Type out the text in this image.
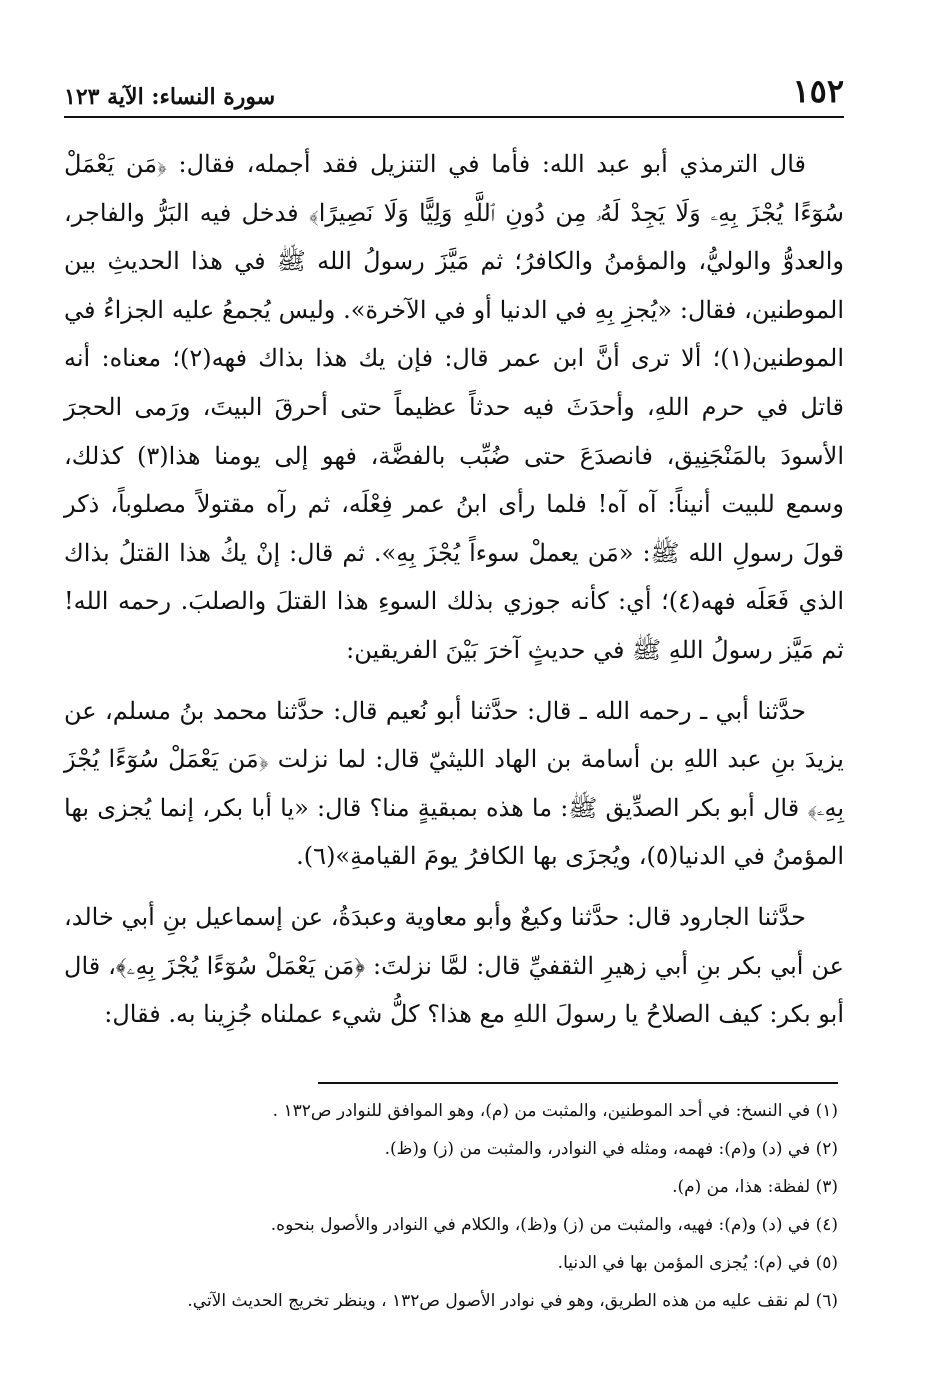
سورة النساء: الآية ١٢٣	١٥٢

قال الترمذي أبو عبد الله: فأما في التنزيل فقد أجمله، فقال: ﴿مَن يَعْمَلْ سُوٓءًا يُجْزَ بِهِۦ وَلَا يَجِدْ لَهُۥ مِن دُونِ ٱللَّهِ وَلِيًّا وَلَا نَصِيرًا﴾ فدخل فيه البَرُّ والفاجر، والعدوُّ والوليُّ، والمؤمنُ والكافرُ؛ ثم مَيَّزَ رسولُ الله ﷺ في هذا الحديثِ بين الموطنين، فقال: «يُجزِ بِهِ في الدنيا أو في الآخرة». وليس يُجمعُ عليه الجزاءُ في الموطنين(١)؛ ألا ترى أنَّ ابن عمر قال: فإن يك هذا بذاك فهه(٢)؛ معناه: أنه قاتل في حرم اللهِ، وأحدَثَ فيه حدثاً عظيماً حتى أحرقَ البيتَ، ورَمى الحجرَ الأسودَ بالمَنْجَنِيق، فانصدَعَ حتى ضُبِّب بالفضَّة، فهو إلى يومنا هذا(٣) كذلك، وسمع للبيت أنيناً: آه آه! فلما رأى ابنُ عمر فِعْلَه، ثم رآه مقتولاً مصلوباً، ذكر قولَ رسولِ الله ﷺ: «مَن يعملْ سوءاً يُجْزَ بِهِ». ثم قال: إنْ يكُ هذا القتلُ بذاك الذي فَعَلَه فهه(٤)؛ أي: كأنه جوزي بذلك السوءِ هذا القتلَ والصلبَ. رحمه الله! ثم مَيَّز رسولُ اللهِ ﷺ في حديثٍ آخرَ بَيْنَ الفريقين:

حدَّثنا أبي ـ رحمه الله ـ قال: حدَّثنا أبو نُعيم قال: حدَّثنا محمد بنُ مسلم، عن يزيدَ بنِ عبد اللهِ بن أسامة بن الهاد الليثيّ قال: لما نزلت ﴿مَن يَعْمَلْ سُوٓءًا يُجْزَ بِهِۦ﴾ قال أبو بكر الصدِّيق ﷺ: ما هذه بمبقيةٍ منا؟ قال: «يا أبا بكر، إنما يُجزى بها المؤمنُ في الدنيا(٥)، ويُجزَى بها الكافرُ يومَ القيامةِ»(٦).

حدَّثنا الجارود قال: حدَّثنا وكيعٌ وأبو معاوية وعبدَةُ، عن إسماعيل بنِ أبي خالد، عن أبي بكر بنِ أبي زهيرِ الثقفيِّ قال: لمَّا نزلتَ: ﴿مَن يَعْمَلْ سُوٓءًا يُجْزَ بِهِۦ﴾، قال أبو بكر: كيف الصلاحُ يا رسولَ اللهِ مع هذا؟ كلُّ شيء عملناه جُزِينا به. فقال:

(١) في النسخ: في أحد الموطنين، والمثبت من (م)، وهو الموافق للنوادر ص١٣٢ .
(٢) في (د) و(م): فهمه، ومثله في النوادر، والمثبت من (ز) و(ظ).
(٣) لفظة: هذا، من (م).
(٤) في (د) و(م): فهيه، والمثبت من (ز) و(ظ)، والكلام في النوادر والأصول بنحوه.
(٥) في (م): يُجزى المؤمن بها في الدنيا.
(٦) لم نقف عليه من هذه الطريق، وهو في نوادر الأصول ص١٣٢ ، وينظر تخريج الحديث الآتي.
